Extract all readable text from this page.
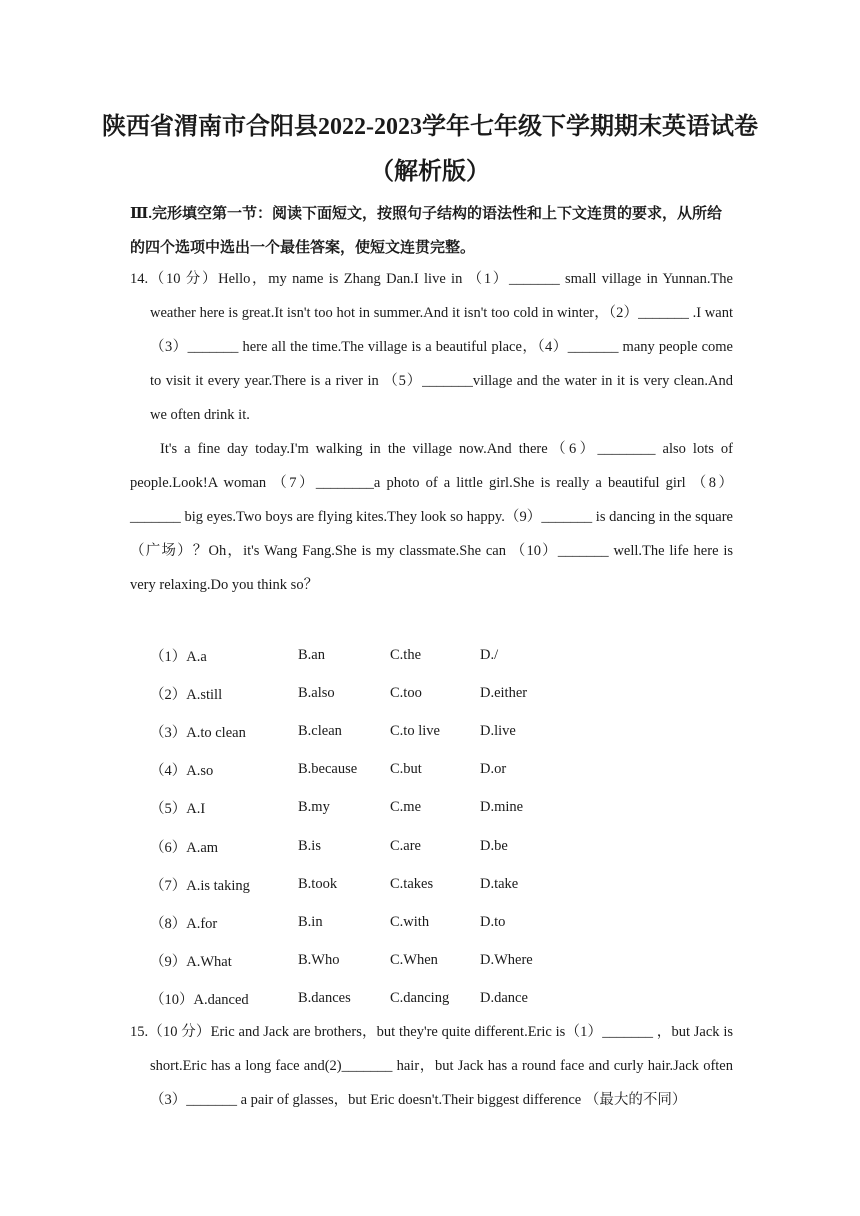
陕西省渭南市合阳县2022-2023学年七年级下学期期末英语试卷
（解析版）
Ⅲ.完形填空第一节：阅读下面短文，按照句子结构的语法性和上下文连贯的要求，从所给的四个选项中选出一个最佳答案，使短文连贯完整。

14.（10 分）Hello，my name is Zhang Dan.I live in （1）_______ small village in Yunnan.The weather here is great.It isn't too hot in summer.And it isn't too cold in winter，（2）_______ .I want （3）_______ here all the time.The village is a beautiful place，（4）_______ many people come to visit it every year.There is a river in （5）_______village and the water in it is very clean.And we often drink it.

It's a fine day today.I'm walking in the village now.And there（6）________ also lots of people.Look!A woman （7）________a photo of a little girl.She is really a beautiful girl （8）_______ big eyes.Two boys are flying kites.They look so happy.（9）_______ is dancing in the square（广场）？Oh，it's Wang Fang.She is my classmate.She can （10）_______ well.The life here is very relaxing.Do you think so？

（1）A.a	B.an	C.the	D./
（2）A.still	B.also	C.too	D.either
（3）A.to clean	B.clean	C.to live	D.live
（4）A.so	B.because	C.but	D.or
（5）A.I	B.my	C.me	D.mine
（6）A.am	B.is	C.are	D.be
（7）A.is taking	B.took	C.takes	D.take
（8）A.for	B.in	C.with	D.to
（9）A.What	B.Who	C.When	D.Where
（10）A.danced	B.dances	C.dancing	D.dance

15.（10 分）Eric and Jack are brothers，but they're quite different.Eric is（1）_______ ，but Jack is short.Eric has a long face and(2)_______ hair，but Jack has a round face and curly hair.Jack often（3）_______ a pair of glasses，but Eric doesn't.Their biggest difference （最大的不同）
